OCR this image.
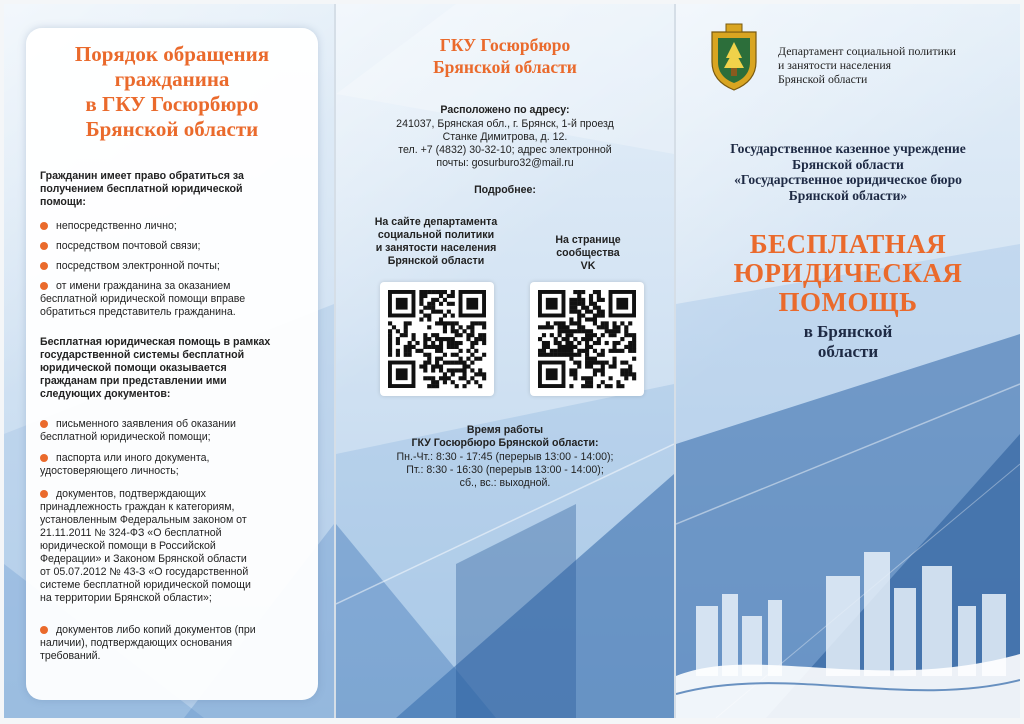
Порядок обращения
гражданина
в ГКУ Госюрбюро
Брянской области
Гражданин имеет право обратиться за
получением бесплатной юридической
помощи:
непосредственно лично;
посредством почтовой связи;
посредством электронной почты;
от имени гражданина за оказанием
бесплатной юридической помощи вправе
обратиться представитель гражданина.
Бесплатная юридическая помощь в рамках
государственной системы бесплатной
юридической помощи оказывается
гражданам при представлении ими
следующих документов:
письменного заявления об оказании
бесплатной юридической помощи;
паспорта или иного документа,
удостоверяющего личность;
документов, подтверждающих
принадлежность граждан к категориям,
установленным Федеральным законом от
21.11.2011 № 324-ФЗ «О бесплатной
юридической помощи в Российской
Федерации» и Законом Брянской области
от 05.07.2012 № 43-З «О государственной
системе бесплатной юридической помощи
на территории Брянской области»;
документов либо копий документов (при
наличии), подтверждающих основания
требований.
ГКУ Госюрбюро
Брянской области
Расположено по адресу:
241037, Брянская обл., г. Брянск, 1-й проезд
Станке Димитрова, д. 12.
тел. +7 (4832) 30-32-10; адрес электронной
почты: gosurburo32@mail.ru
Подробнее:
На сайте департамента
социальной политики
и занятости населения
Брянской области
На странице
сообщества
VK
Время работы
ГКУ Госюрбюро Брянской области:
Пн.-Чт.: 8:30 - 17:45 (перерыв 13:00 - 14:00);
Пт.: 8:30 - 16:30 (перерыв 13:00 - 14:00);
сб., вс.: выходной.
Департамент социальной политики
и занятости населения
Брянской области
Государственное казенное учреждение
Брянской области
«Государственное юридическое бюро
Брянской области»
БЕСПЛАТНАЯ
ЮРИДИЧЕСКАЯ
ПОМОЩЬ
в Брянской
области
